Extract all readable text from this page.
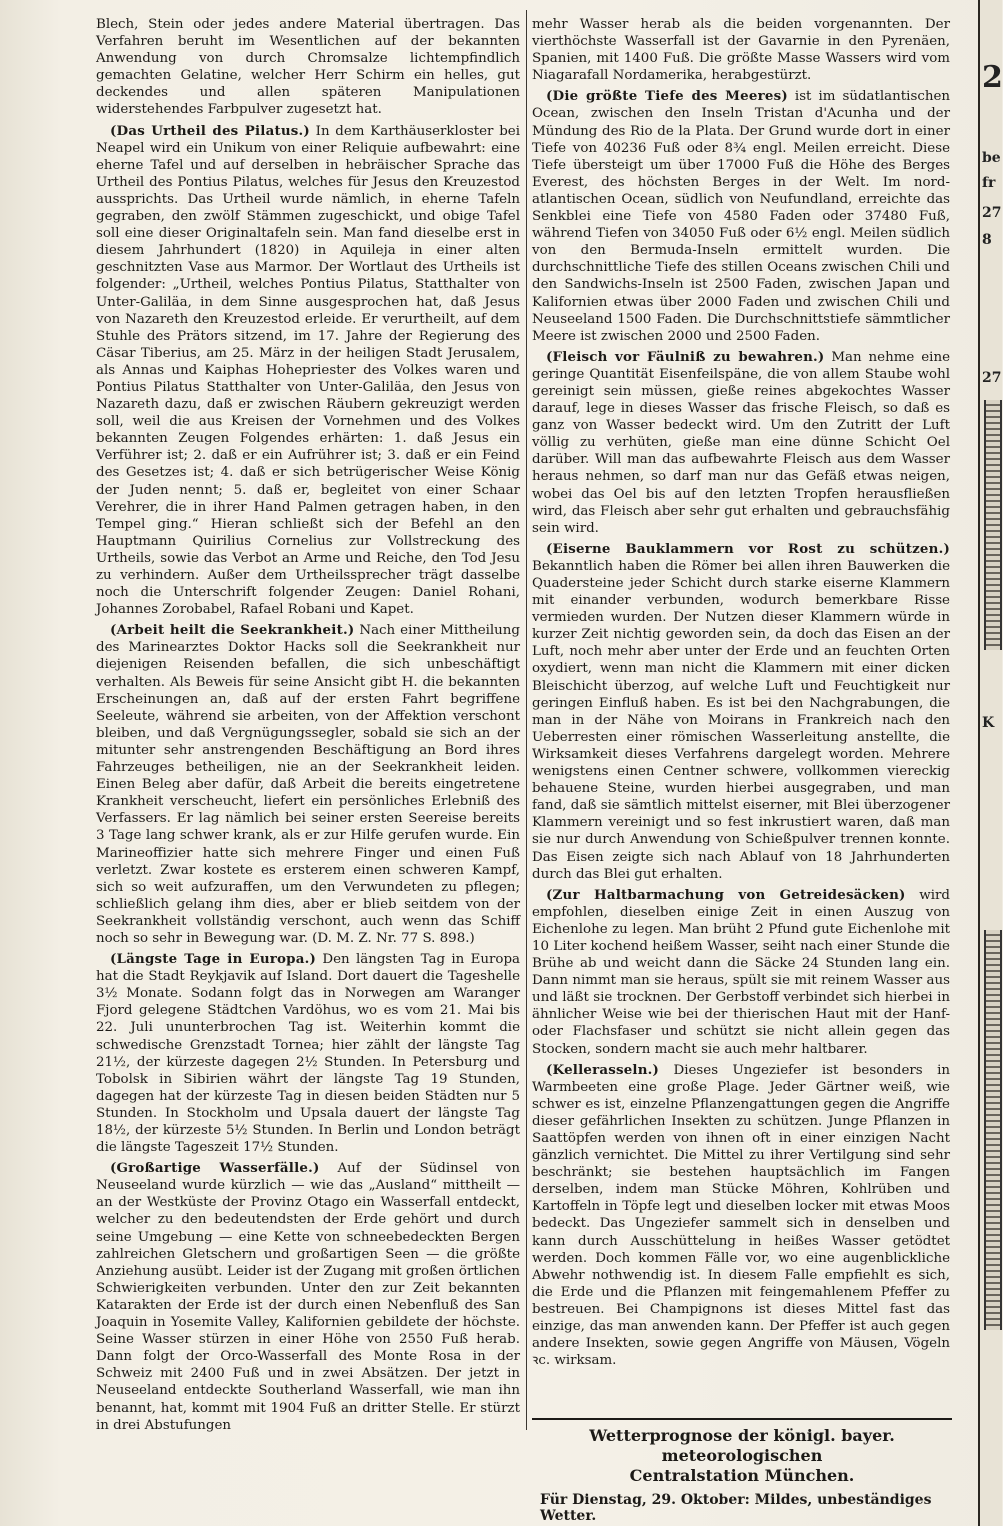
Blech, Stein oder jedes andere Material übertragen. Das Verfahren beruht im Wesentlichen auf der bekannten Anwendung von durch Chromsalze lichtempfindlich gemachten Gelatine, welcher Herr Schirm ein helles, gut deckendes und allen späteren Manipulationen widerstehendes Farbpulver zugesetzt hat.

(Das Urtheil des Pilatus.) In dem Karthäuserkloster bei Neapel wird ein Unikum von einer Reliquie aufbewahrt: eine eherne Tafel und auf derselben in hebräischer Sprache das Urtheil des Pontius Pilatus, welches für Jesus den Kreuzestod aussprichts. Das Urtheil wurde nämlich, in eherne Tafeln gegraben, den zwölf Stämmen zugeschickt, und obige Tafel soll eine dieser Originaltafeln sein. Man fand dieselbe erst in diesem Jahrhundert (1820) in Aquileja in einer alten geschnitzten Vase aus Marmor. Der Wortlaut des Urtheils ist folgender: „Urtheil, welches Pontius Pilatus, Statthalter von Unter-Galiläa, in dem Sinne ausgesprochen hat, daß Jesus von Nazareth den Kreuzestod erleide. Er verurtheilt, auf dem Stuhle des Prätors sitzend, im 17. Jahre der Regierung des Cäsar Tiberius, am 25. März in der heiligen Stadt Jerusalem, als Annas und Kaiphas Hohepriester des Volkes waren und Pontius Pilatus Statthalter von Unter-Galiläa, den Jesus von Nazareth dazu, daß er zwischen Räubern gekreuzigt werden soll, weil die aus Kreisen der Vornehmen und des Volkes bekannten Zeugen Folgendes erhärten: 1. daß Jesus ein Verführer ist; 2. daß er ein Aufrührer ist; 3. daß er ein Feind des Gesetzes ist; 4. daß er sich betrügerischer Weise König der Juden nennt; 5. daß er, begleitet von einer Schaar Verehrer, die in ihrer Hand Palmen getragen haben, in den Tempel ging.“ Hieran schließt sich der Befehl an den Hauptmann Quirilius Cornelius zur Vollstreckung des Urtheils, sowie das Verbot an Arme und Reiche, den Tod Jesu zu verhindern. Außer dem Urtheilssprecher trägt dasselbe noch die Unterschrift folgender Zeugen: Daniel Rohani, Johannes Zorobabel, Rafael Robani und Kapet.

(Arbeit heilt die Seekrankheit.) Nach einer Mittheilung des Marinearztes Doktor Hacks soll die Seekrankheit nur diejenigen Reisenden befallen, die sich unbeschäftigt verhalten. Als Beweis für seine Ansicht gibt H. die bekannten Erscheinungen an, daß auf der ersten Fahrt begriffene Seeleute, während sie arbeiten, von der Affektion verschont bleiben, und daß Vergnügungssegler, sobald sie sich an der mitunter sehr anstrengenden Beschäftigung an Bord ihres Fahrzeuges betheiligen, nie an der Seekrankheit leiden. Einen Beleg aber dafür, daß Arbeit die bereits eingetretene Krankheit verscheucht, liefert ein persönliches Erlebniß des Verfassers. Er lag nämlich bei seiner ersten Seereise bereits 3 Tage lang schwer krank, als er zur Hilfe gerufen wurde. Ein Marineoffizier hatte sich mehrere Finger und einen Fuß verletzt. Zwar kostete es ersterem einen schweren Kampf, sich so weit aufzuraffen, um den Verwundeten zu pflegen; schließlich gelang ihm dies, aber er blieb seitdem von der Seekrankheit vollständig verschont, auch wenn das Schiff noch so sehr in Bewegung war. (D. M. Z. Nr. 77 S. 898.)

(Längste Tage in Europa.) Den längsten Tag in Europa hat die Stadt Reykjavik auf Island. Dort dauert die Tageshelle 3½ Monate. Sodann folgt das in Norwegen am Waranger Fjord gelegene Städtchen Vardöhus, wo es vom 21. Mai bis 22. Juli ununterbrochen Tag ist. Weiterhin kommt die schwedische Grenzstadt Tornea; hier zählt der längste Tag 21½, der kürzeste dagegen 2½ Stunden. In Petersburg und Tobolsk in Sibirien währt der längste Tag 19 Stunden, dagegen hat der kürzeste Tag in diesen beiden Städten nur 5 Stunden. In Stockholm und Upsala dauert der längste Tag 18½, der kürzeste 5½ Stunden. In Berlin und London beträgt die längste Tageszeit 17½ Stunden.

(Großartige Wasserfälle.) Auf der Südinsel von Neuseeland wurde kürzlich — wie das „Ausland“ mittheilt — an der Westküste der Provinz Otago ein Wasserfall entdeckt, welcher zu den bedeutendsten der Erde gehört und durch seine Umgebung — eine Kette von schneebedeckten Bergen zahlreichen Gletschern und großartigen Seen — die größte Anziehung ausübt. Leider ist der Zugang mit großen örtlichen Schwierigkeiten verbunden. Unter den zur Zeit bekannten Katarakten der Erde ist der durch einen Nebenfluß des San Joaquin in Yosemite Valley, Kalifornien gebildete der höchste. Seine Wasser stürzen in einer Höhe von 2550 Fuß herab. Dann folgt der Orco-Wasserfall des Monte Rosa in der Schweiz mit 2400 Fuß und in zwei Absätzen. Der jetzt in Neuseeland entdeckte Southerland Wasserfall, wie man ihn benannt, hat, kommt mit 1904 Fuß an dritter Stelle. Er stürzt in drei Abstufungen

mehr Wasser herab als die beiden vorgenannten. Der vierthöchste Wasserfall ist der Gavarnie in den Pyrenäen, Spanien, mit 1400 Fuß. Die größte Masse Wassers wird vom Niagarafall Nordamerika, herabgestürzt.

(Die größte Tiefe des Meeres) ist im südatlantischen Ocean, zwischen den Inseln Tristan d'Acunha und der Mündung des Rio de la Plata. Der Grund wurde dort in einer Tiefe von 40236 Fuß oder 8¾ engl. Meilen erreicht. Diese Tiefe übersteigt um über 17000 Fuß die Höhe des Berges Everest, des höchsten Berges in der Welt. Im nord-atlantischen Ocean, südlich von Neufundland, erreichte das Senkblei eine Tiefe von 4580 Faden oder 37480 Fuß, während Tiefen von 34050 Fuß oder 6½ engl. Meilen südlich von den Bermuda-Inseln ermittelt wurden. Die durchschnittliche Tiefe des stillen Oceans zwischen Chili und den Sandwichs-Inseln ist 2500 Faden, zwischen Japan und Kalifornien etwas über 2000 Faden und zwischen Chili und Neuseeland 1500 Faden. Die Durchschnittstiefe sämmtlicher Meere ist zwischen 2000 und 2500 Faden.

(Fleisch vor Fäulniß zu bewahren.) Man nehme eine geringe Quantität Eisenfeilspäne, die von allem Staube wohl gereinigt sein müssen, gieße reines abgekochtes Wasser darauf, lege in dieses Wasser das frische Fleisch, so daß es ganz von Wasser bedeckt wird. Um den Zutritt der Luft völlig zu verhüten, gieße man eine dünne Schicht Oel darüber. Will man das aufbewahrte Fleisch aus dem Wasser heraus nehmen, so darf man nur das Gefäß etwas neigen, wobei das Oel bis auf den letzten Tropfen herausfließen wird, das Fleisch aber sehr gut erhalten und gebrauchsfähig sein wird.

(Eiserne Bauklammern vor Rost zu schützen.) Bekanntlich haben die Römer bei allen ihren Bauwerken die Quadersteine jeder Schicht durch starke eiserne Klammern mit einander verbunden, wodurch bemerkbare Risse vermieden wurden. Der Nutzen dieser Klammern würde in kurzer Zeit nichtig geworden sein, da doch das Eisen an der Luft, noch mehr aber unter der Erde und an feuchten Orten oxydiert, wenn man nicht die Klammern mit einer dicken Bleischicht überzog, auf welche Luft und Feuchtigkeit nur geringen Einfluß haben. Es ist bei den Nachgrabungen, die man in der Nähe von Moirans in Frankreich nach den Ueberresten einer römischen Wasserleitung anstellte, die Wirksamkeit dieses Verfahrens dargelegt worden. Mehrere wenigstens einen Centner schwere, vollkommen viereckig behauene Steine, wurden hierbei ausgegraben, und man fand, daß sie sämtlich mittelst eiserner, mit Blei überzogener Klammern vereinigt und so fest inkrustiert waren, daß man sie nur durch Anwendung von Schießpulver trennen konnte. Das Eisen zeigte sich nach Ablauf von 18 Jahrhunderten durch das Blei gut erhalten.

(Zur Haltbarmachung von Getreidesäcken) wird empfohlen, dieselben einige Zeit in einen Auszug von Eichenlohe zu legen. Man brüht 2 Pfund gute Eichenlohe mit 10 Liter kochend heißem Wasser, seiht nach einer Stunde die Brühe ab und weicht dann die Säcke 24 Stunden lang ein. Dann nimmt man sie heraus, spült sie mit reinem Wasser aus und läßt sie trocknen. Der Gerbstoff verbindet sich hierbei in ähnlicher Weise wie bei der thierischen Haut mit der Hanf- oder Flachsfaser und schützt sie nicht allein gegen das Stocken, sondern macht sie auch mehr haltbarer.

(Kellerasseln.) Dieses Ungeziefer ist besonders in Warmbeeten eine große Plage. Jeder Gärtner weiß, wie schwer es ist, einzelne Pflanzengattungen gegen die Angriffe dieser gefährlichen Insekten zu schützen. Junge Pflanzen in Saattöpfen werden von ihnen oft in einer einzigen Nacht gänzlich vernichtet. Die Mittel zu ihrer Vertilgung sind sehr beschränkt; sie bestehen hauptsächlich im Fangen derselben, indem man Stücke Möhren, Kohlrüben und Kartoffeln in Töpfe legt und dieselben locker mit etwas Moos bedeckt. Das Ungeziefer sammelt sich in denselben und kann durch Ausschüttelung in heißes Wasser getödtet werden. Doch kommen Fälle vor, wo eine augenblickliche Abwehr nothwendig ist. In diesem Falle empfiehlt es sich, die Erde und die Pflanzen mit feingemahlenem Pfeffer zu bestreuen. Bei Champignons ist dieses Mittel fast das einzige, das man anwenden kann. Der Pfeffer ist auch gegen andere Insekten, sowie gegen Angriffe von Mäusen, Vögeln ꝛc. wirksam.

Wetterprognose der königl. bayer. meteorologischen
Centralstation München.
Für Dienstag, 29. Oktober: Mildes, unbeständiges Wetter.
2
be
fr
27
8
27
K
